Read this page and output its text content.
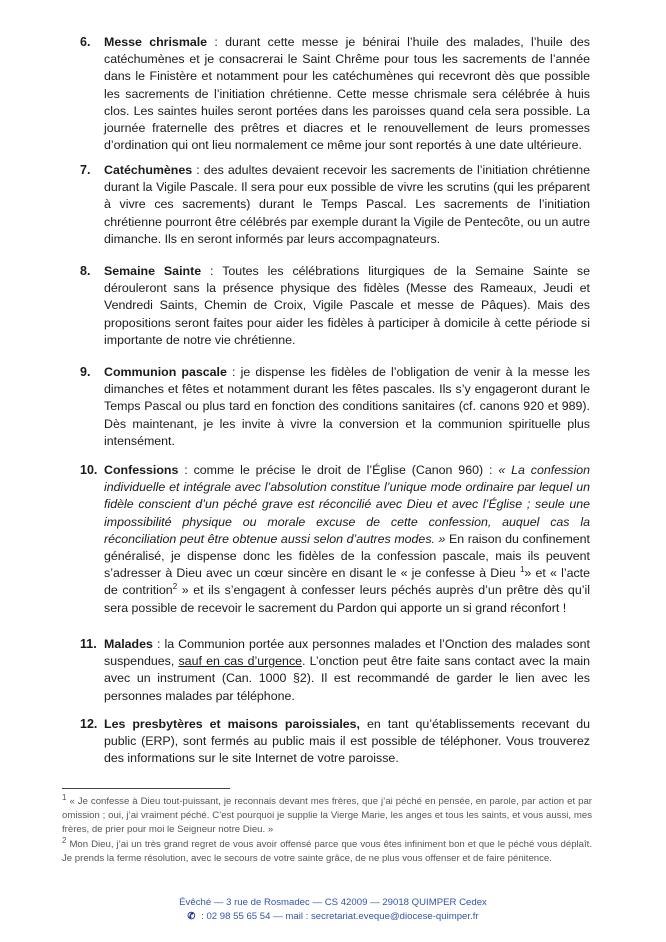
6. Messe chrismale : durant cette messe je bénirai l’huile des malades, l’huile des catéchumènes et je consacrerai le Saint Chrême pour tous les sacrements de l’année dans le Finistère et notamment pour les catéchumènes qui recevront dès que possible les sacrements de l’initiation chrétienne. Cette messe chrismale sera célébrée à huis clos. Les saintes huiles seront portées dans les paroisses quand cela sera possible. La journée fraternelle des prêtres et diacres et le renouvellement de leurs promesses d’ordination qui ont lieu normalement ce même jour sont reportés à une date ultérieure.
7. Catéchumènes : des adultes devaient recevoir les sacrements de l’initiation chrétienne durant la Vigile Pascale. Il sera pour eux possible de vivre les scrutins (qui les préparent à vivre ces sacrements) durant le Temps Pascal. Les sacrements de l’initiation chrétienne pourront être célébrés par exemple durant la Vigile de Pentecôte, ou un autre dimanche. Ils en seront informés par leurs accompagnateurs.
8. Semaine Sainte : Toutes les célébrations liturgiques de la Semaine Sainte se dérouleront sans la présence physique des fidèles (Messe des Rameaux, Jeudi et Vendredi Saints, Chemin de Croix, Vigile Pascale et messe de Pâques). Mais des propositions seront faites pour aider les fidèles à participer à domicile à cette période si importante de notre vie chrétienne.
9. Communion pascale : je dispense les fidèles de l’obligation de venir à la messe les dimanches et fêtes et notamment durant les fêtes pascales. Ils s’y engageront durant le Temps Pascal ou plus tard en fonction des conditions sanitaires (cf. canons 920 et 989). Dès maintenant, je les invite à vivre la conversion et la communion spirituelle plus intensément.
10. Confessions : comme le précise le droit de l’Église (Canon 960) : « La confession individuelle et intégrale avec l’absolution constitue l’unique mode ordinaire par lequel un fidèle conscient d’un péché grave est réconcilié avec Dieu et avec l’Église ; seule une impossibilité physique ou morale excuse de cette confession, auquel cas la réconciliation peut être obtenue aussi selon d’autres modes. » En raison du confinement généralisé, je dispense donc les fidèles de la confession pascale, mais ils peuvent s’adresser à Dieu avec un cœur sincère en disant le « je confesse à Dieu $^1$» et « l’acte de contrition$^2$ » et ils s’engagent à confesser leurs péchés auprès d’un prêtre dès qu’il sera possible de recevoir le sacrement du Pardon qui apporte un si grand réconfort !
11. Malades : la Communion portée aux personnes malades et l’Onction des malades sont suspendues, sauf en cas d’urgence. L’onction peut être faite sans contact avec la main avec un instrument (Can. 1000 §2). Il est recommandé de garder le lien avec les personnes malades par téléphone.
12. Les presbytères et maisons paroissiales, en tant qu’établissements recevant du public (ERP), sont fermés au public mais il est possible de téléphoner. Vous trouverez des informations sur le site Internet de votre paroisse.
$^1$ « Je confesse à Dieu tout-puissant, je reconnais devant mes frères, que j’ai péché en pensée, en parole, par action et par omission ; oui, j’ai vraiment péché. C’est pourquoi je supplie la Vierge Marie, les anges et tous les saints, et vous aussi, mes frères, de prier pour moi le Seigneur notre Dieu. »
$^2$ Mon Dieu, j’ai un très grand regret de vous avoir offensé parce que vous êtes infiniment bon et que le péché vous déplaît. Je prends la ferme résolution, avec le secours de votre sainte grâce, de ne plus vous offenser et de faire pénitence.
Évêché — 3 rue de Rosmadec — CS 42009 — 29018 QUIMPER Cedex
✆ : 02 98 55 65 54 — mail : secretariat.eveque@diocese-quimper.fr
